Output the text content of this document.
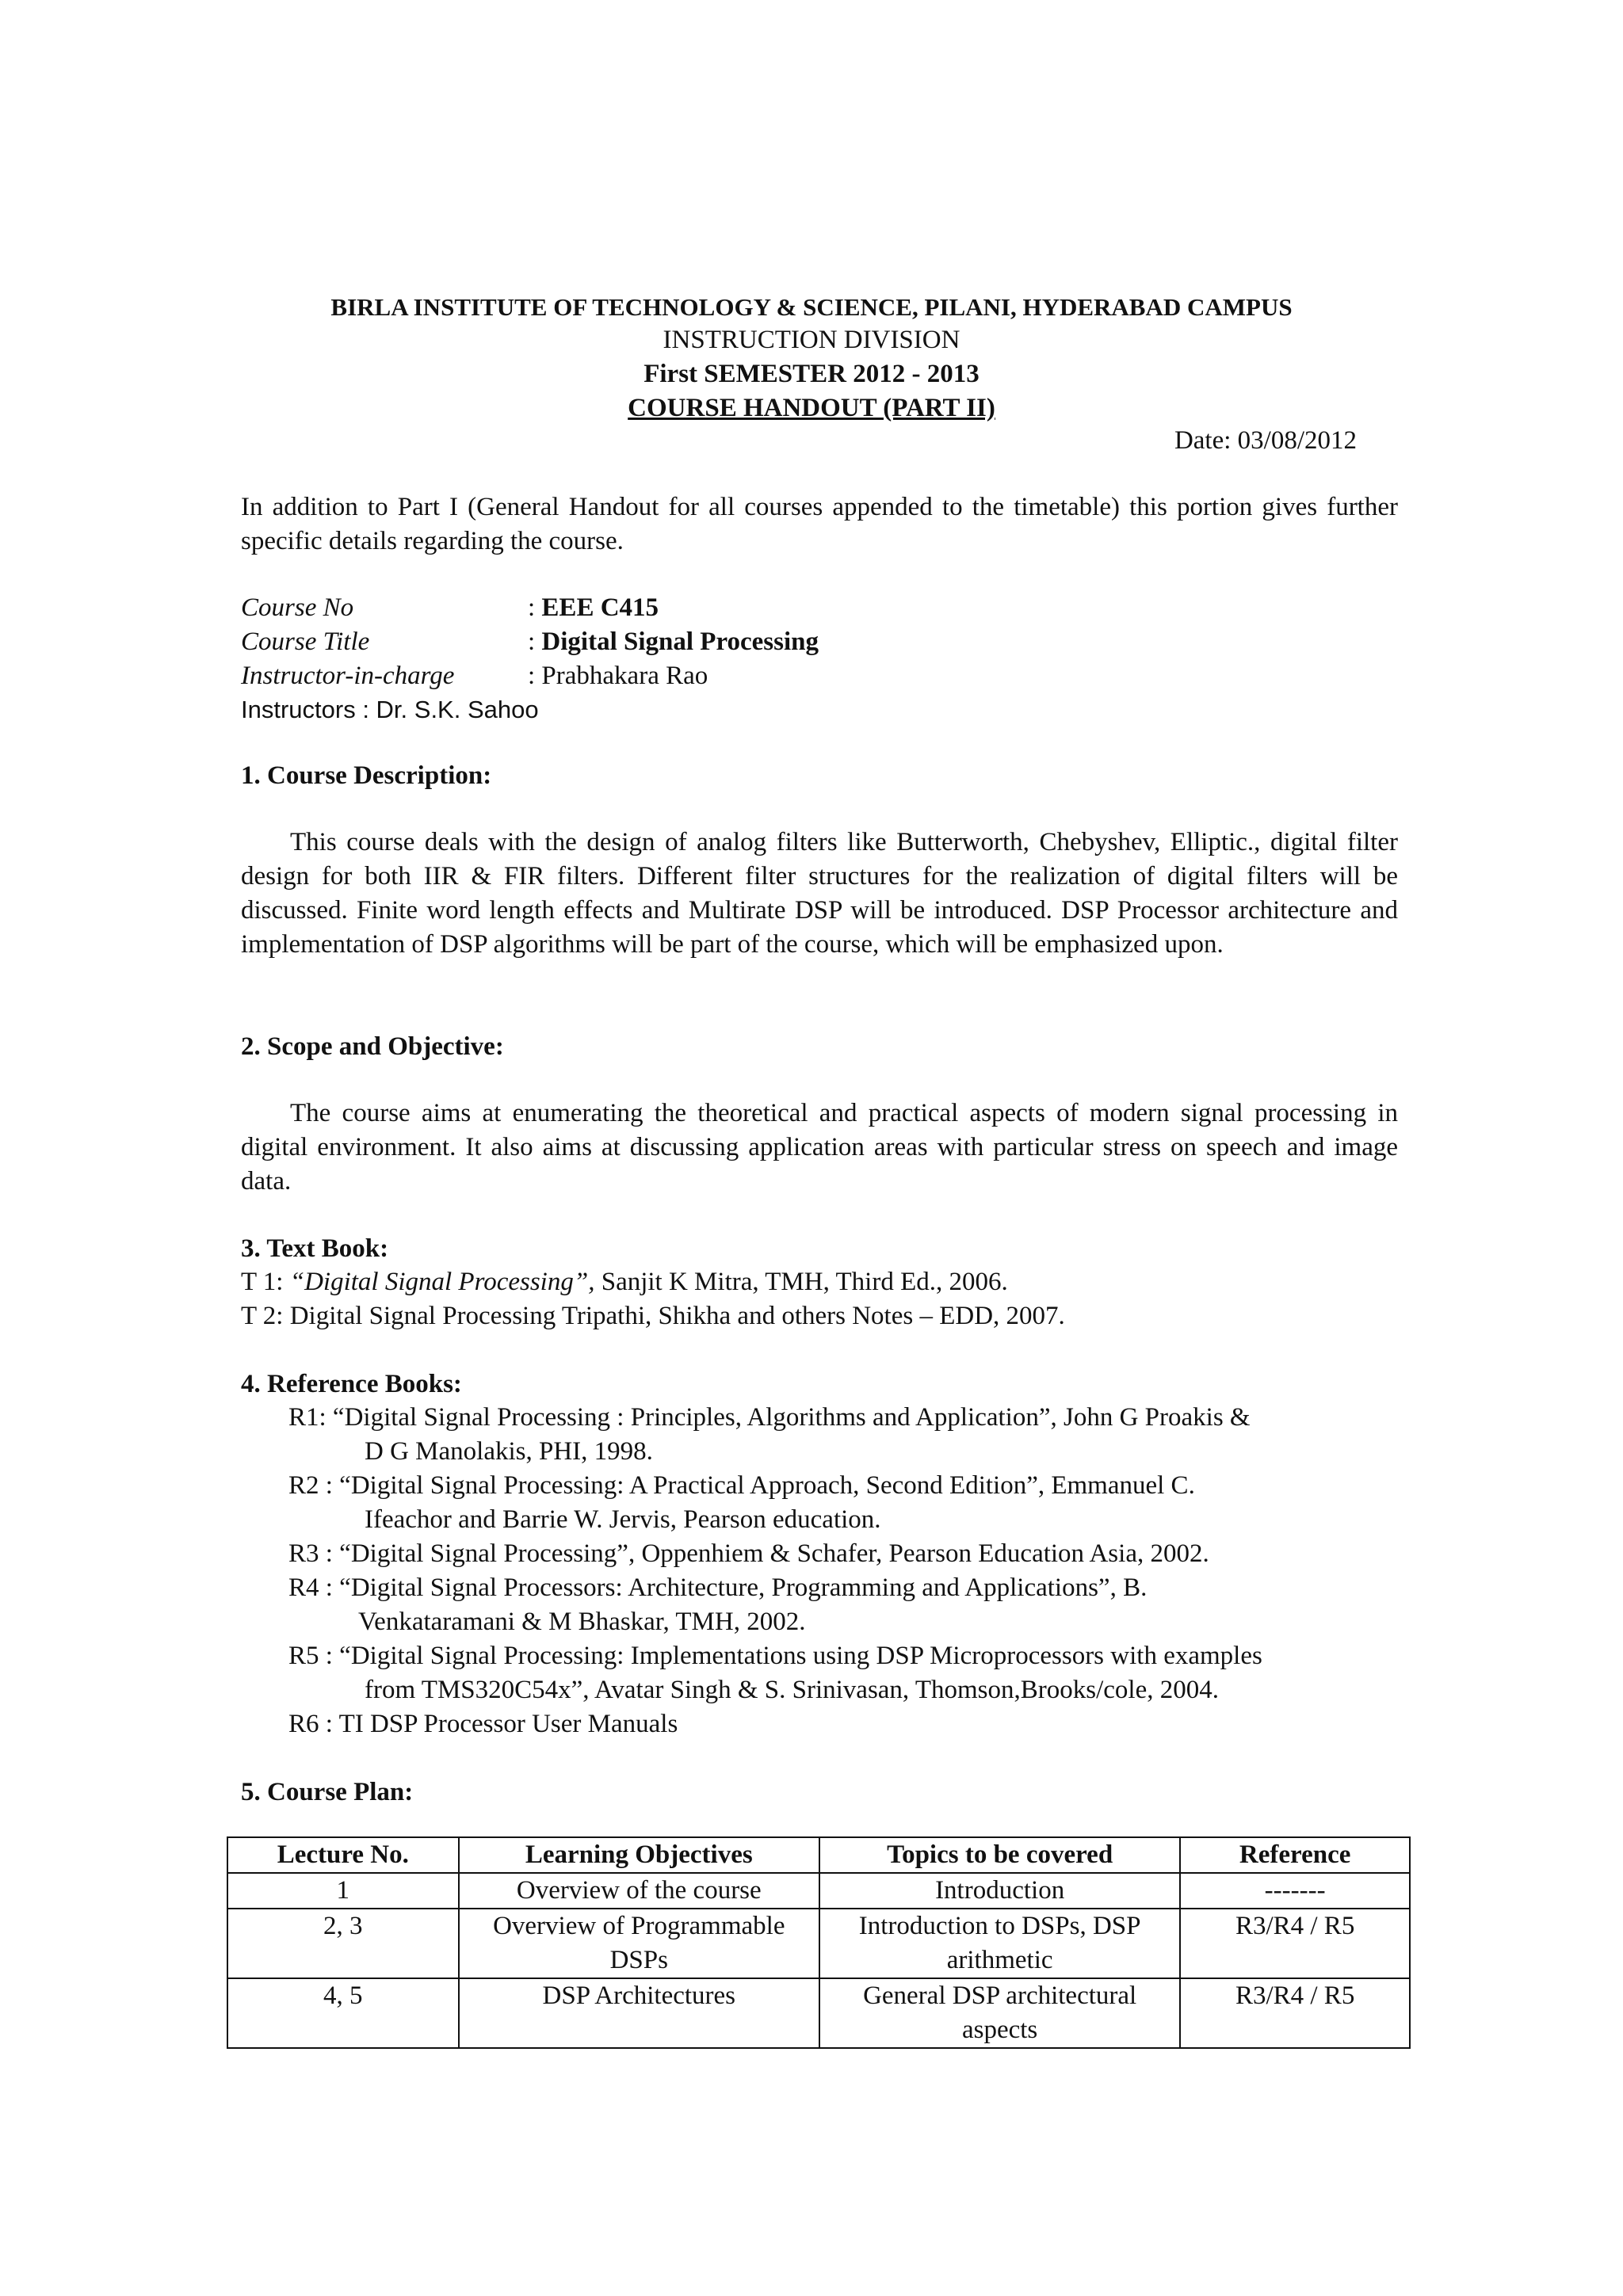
BIRLA INSTITUTE OF TECHNOLOGY & SCIENCE, PILANI, HYDERABAD CAMPUS
INSTRUCTION DIVISION
First SEMESTER 2012 - 2013
COURSE HANDOUT (PART II)
Date: 03/08/2012
In addition to Part I (General Handout for all courses appended to the timetable) this portion gives further specific details regarding the course.
Course No	: EEE C415
Course Title	: Digital Signal Processing
Instructor-in-charge	: Prabhakara Rao
Instructors : Dr. S.K. Sahoo
1. Course Description:
This course deals with the design of analog filters like Butterworth, Chebyshev, Elliptic., digital filter design for both IIR & FIR filters. Different filter structures for the realization of digital filters will be discussed. Finite word length effects and Multirate DSP will be introduced. DSP Processor architecture and implementation of DSP algorithms will be part of the course, which will be emphasized upon.
2. Scope and Objective:
The course aims at enumerating the theoretical and practical aspects of modern signal processing in digital environment. It also aims at discussing application areas with particular stress on speech and image data.
3. Text Book:
T 1: “Digital Signal Processing”, Sanjit K Mitra, TMH, Third Ed., 2006.
T 2: Digital Signal Processing Tripathi, Shikha and others Notes – EDD, 2007.
4. Reference Books:
R1: “Digital Signal Processing : Principles, Algorithms and Application”, John G Proakis &
D G Manolakis, PHI, 1998.
R2 : “Digital Signal Processing: A Practical Approach, Second Edition”, Emmanuel C.
Ifeachor and Barrie W. Jervis, Pearson education.
R3 : “Digital Signal Processing”, Oppenhiem & Schafer, Pearson Education Asia, 2002.
R4 : “Digital Signal Processors: Architecture, Programming and Applications”, B.
Venkataramani & M Bhaskar, TMH, 2002.
R5 : “Digital Signal Processing: Implementations using DSP Microprocessors with examples
from TMS320C54x”, Avatar Singh & S. Srinivasan, Thomson,Brooks/cole, 2004.
R6 : TI DSP Processor User Manuals
5. Course Plan:
Lecture No.	Learning Objectives	Topics to be covered	Reference
1	Overview of the course	Introduction	-------
2, 3	Overview of Programmable DSPs	Introduction to DSPs, DSP arithmetic	R3/R4 / R5
4, 5	DSP Architectures	General DSP architectural aspects	R3/R4 / R5
